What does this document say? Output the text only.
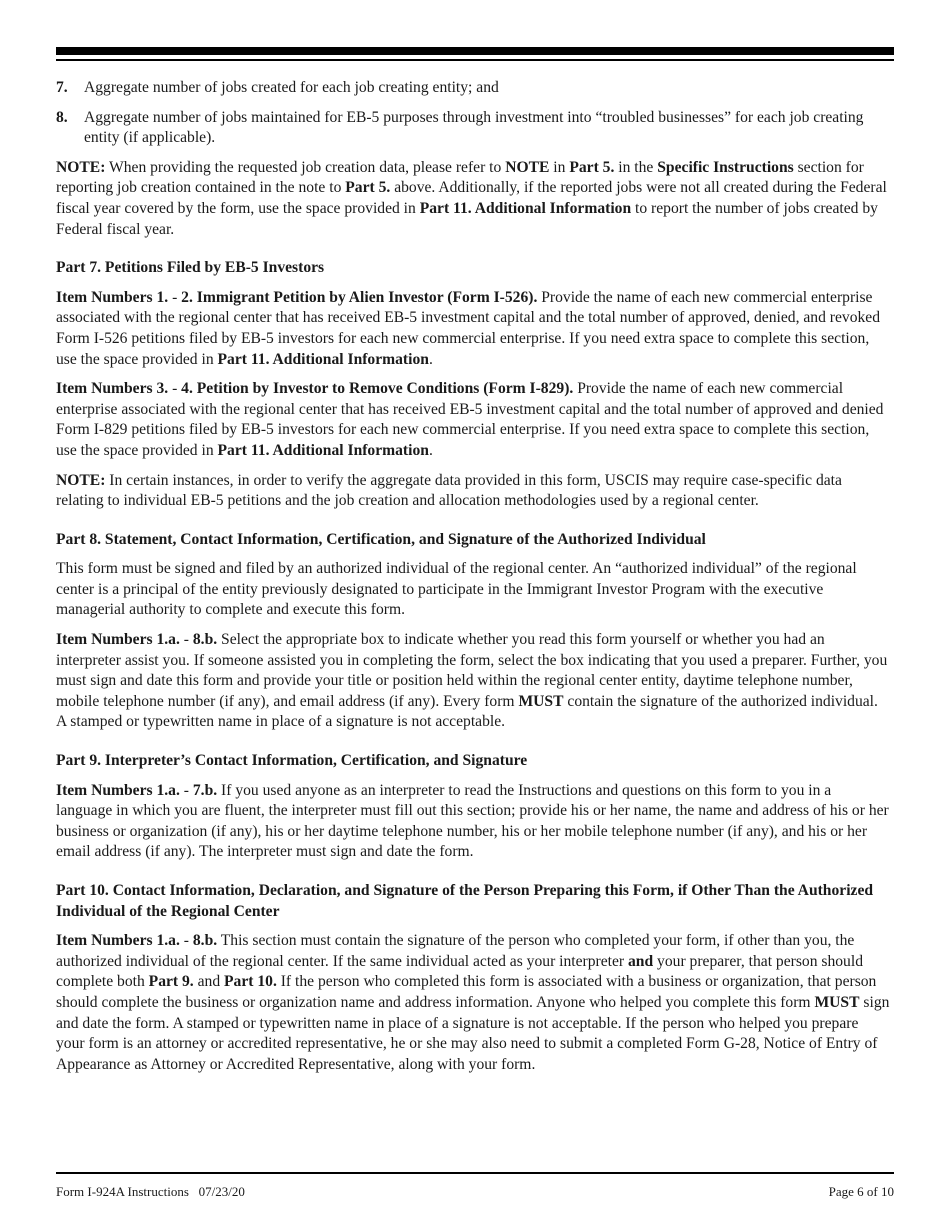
7.	Aggregate number of jobs created for each job creating entity; and
8.	Aggregate number of jobs maintained for EB-5 purposes through investment into “troubled businesses” for each job creating entity (if applicable).

NOTE: When providing the requested job creation data, please refer to NOTE in Part 5. in the Specific Instructions section for reporting job creation contained in the note to Part 5. above. Additionally, if the reported jobs were not all created during the Federal fiscal year covered by the form, use the space provided in Part 11. Additional Information to report the number of jobs created by Federal fiscal year.

Part 7. Petitions Filed by EB-5 Investors

Item Numbers 1. - 2. Immigrant Petition by Alien Investor (Form I-526). Provide the name of each new commercial enterprise associated with the regional center that has received EB-5 investment capital and the total number of approved, denied, and revoked Form I-526 petitions filed by EB-5 investors for each new commercial enterprise. If you need extra space to complete this section, use the space provided in Part 11. Additional Information.

Item Numbers 3. - 4. Petition by Investor to Remove Conditions (Form I-829). Provide the name of each new commercial enterprise associated with the regional center that has received EB-5 investment capital and the total number of approved and denied Form I-829 petitions filed by EB-5 investors for each new commercial enterprise. If you need extra space to complete this section, use the space provided in Part 11. Additional Information.

NOTE: In certain instances, in order to verify the aggregate data provided in this form, USCIS may require case-specific data relating to individual EB-5 petitions and the job creation and allocation methodologies used by a regional center.

Part 8. Statement, Contact Information, Certification, and Signature of the Authorized Individual

This form must be signed and filed by an authorized individual of the regional center. An “authorized individual” of the regional center is a principal of the entity previously designated to participate in the Immigrant Investor Program with the executive managerial authority to complete and execute this form.

Item Numbers 1.a. - 8.b. Select the appropriate box to indicate whether you read this form yourself or whether you had an interpreter assist you. If someone assisted you in completing the form, select the box indicating that you used a preparer. Further, you must sign and date this form and provide your title or position held within the regional center entity, daytime telephone number, mobile telephone number (if any), and email address (if any). Every form MUST contain the signature of the authorized individual. A stamped or typewritten name in place of a signature is not acceptable.

Part 9. Interpreter’s Contact Information, Certification, and Signature

Item Numbers 1.a. - 7.b. If you used anyone as an interpreter to read the Instructions and questions on this form to you in a language in which you are fluent, the interpreter must fill out this section; provide his or her name, the name and address of his or her business or organization (if any), his or her daytime telephone number, his or her mobile telephone number (if any), and his or her email address (if any). The interpreter must sign and date the form.

Part 10. Contact Information, Declaration, and Signature of the Person Preparing this Form, if Other Than the Authorized Individual of the Regional Center

Item Numbers 1.a. - 8.b. This section must contain the signature of the person who completed your form, if other than you, the authorized individual of the regional center. If the same individual acted as your interpreter and your preparer, that person should complete both Part 9. and Part 10. If the person who completed this form is associated with a business or organization, that person should complete the business or organization name and address information. Anyone who helped you complete this form MUST sign and date the form. A stamped or typewritten name in place of a signature is not acceptable. If the person who helped you prepare your form is an attorney or accredited representative, he or she may also need to submit a completed Form G-28, Notice of Entry of Appearance as Attorney or Accredited Representative, along with your form.

Form I-924A Instructions   07/23/20	Page 6 of 10
